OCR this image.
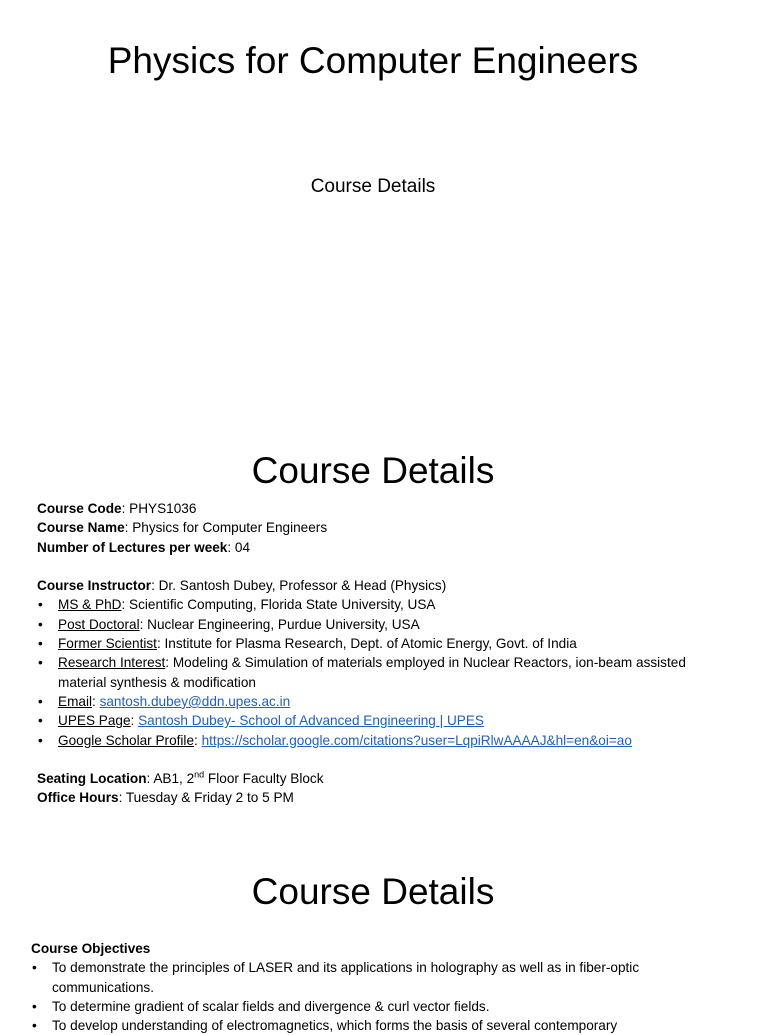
Physics for Computer Engineers

Course Details

Course Details
Course Code: PHYS1036
Course Name: Physics for Computer Engineers
Number of Lectures per week: 04
Course Instructor: Dr. Santosh Dubey, Professor & Head (Physics)
• MS & PhD: Scientific Computing, Florida State University, USA
• Post Doctoral: Nuclear Engineering, Purdue University, USA
• Former Scientist: Institute for Plasma Research, Dept. of Atomic Energy, Govt. of India
• Research Interest: Modeling & Simulation of materials employed in Nuclear Reactors, ion-beam assisted
material synthesis & modification
• Email: santosh.dubey@ddn.upes.ac.in
• UPES Page: Santosh Dubey- School of Advanced Engineering | UPES
• Google Scholar Profile: https://scholar.google.com/citations?user=LqpiRlwAAAAJ&hl=en&oi=ao
Seating Location: AB1, 2nd Floor Faculty Block
Office Hours: Tuesday & Friday 2 to 5 PM
Course Details
Course Objectives
• To demonstrate the principles of LASER and its applications in holography as well as in fiber-optic
communications.
• To determine gradient of scalar fields and divergence & curl vector fields.
• To develop understanding of electromagnetics, which forms the basis of several contemporary
